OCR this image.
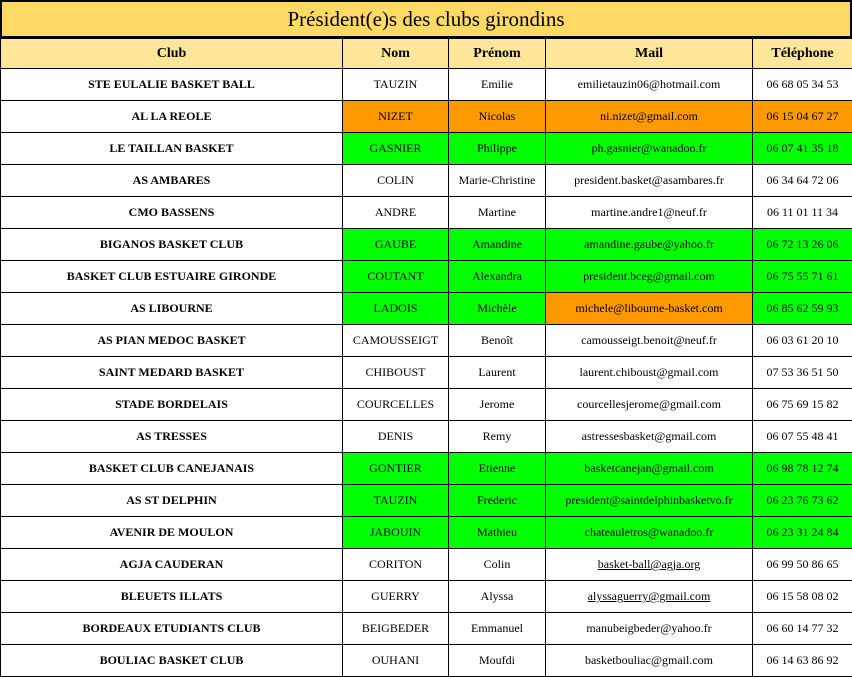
Président(e)s des clubs girondins
Club	Nom	Prénom	Mail	Téléphone
STE EULALIE BASKET BALL	TAUZIN	Emilie	emilietauzin06@hotmail.com	06 68 05 34 53
AL LA REOLE	NIZET	Nicolas	ni.nizet@gmail.com	06 15 04 67 27
LE TAILLAN BASKET	GASNIER	Philippe	ph.gasnier@wanadoo.fr	06 07 41 35 18
AS AMBARES	COLIN	Marie-Christine	president.basket@asambares.fr	06 34 64 72 06
CMO BASSENS	ANDRE	Martine	martine.andre1@neuf.fr	06 11 01 11 34
BIGANOS BASKET CLUB	GAUBE	Amandine	amandine.gaube@yahoo.fr	06 72 13 26 06
BASKET CLUB ESTUAIRE GIRONDE	COUTANT	Alexandra	president.bceg@gmail.com	06 75 55 71 61
AS LIBOURNE	LADOIS	Michèle	michele@libourne-basket.com	06 85 62 59 93
AS PIAN MEDOC BASKET	CAMOUSSEIGT	Benoît	camousseigt.benoit@neuf.fr	06 03 61 20 10
SAINT MEDARD BASKET	CHIBOUST	Laurent	laurent.chiboust@gmail.com	07 53 36 51 50
STADE BORDELAIS	COURCELLES	Jerome	courcellesjerome@gmail.com	06 75 69 15 82
AS TRESSES	DENIS	Remy	astressesbasket@gmail.com	06 07 55 48 41
BASKET CLUB CANEJANAIS	GONTIER	Etienne	basketcanejan@gmail.com	06 98 78 12 74
AS ST DELPHIN	TAUZIN	Frederic	president@saintdelphinbasketvo.fr	06 23 76 73 62
AVENIR DE MOULON	JABOUIN	Mathieu	chateauletros@wanadoo.fr	06 23 31 24 84
AGJA CAUDERAN	CORITON	Colin	basket-ball@agja.org	06 99 50 86 65
BLEUETS ILLATS	GUERRY	Alyssa	alyssaguerry@gmail.com	06 15 58 08 02
BORDEAUX ETUDIANTS CLUB	BEIGBEDER	Emmanuel	manubeigbeder@yahoo.fr	06 60 14 77 32
BOULIAC BASKET CLUB	OUHANI	Moufdi	basketbouliac@gmail.com	06 14 63 86 92
